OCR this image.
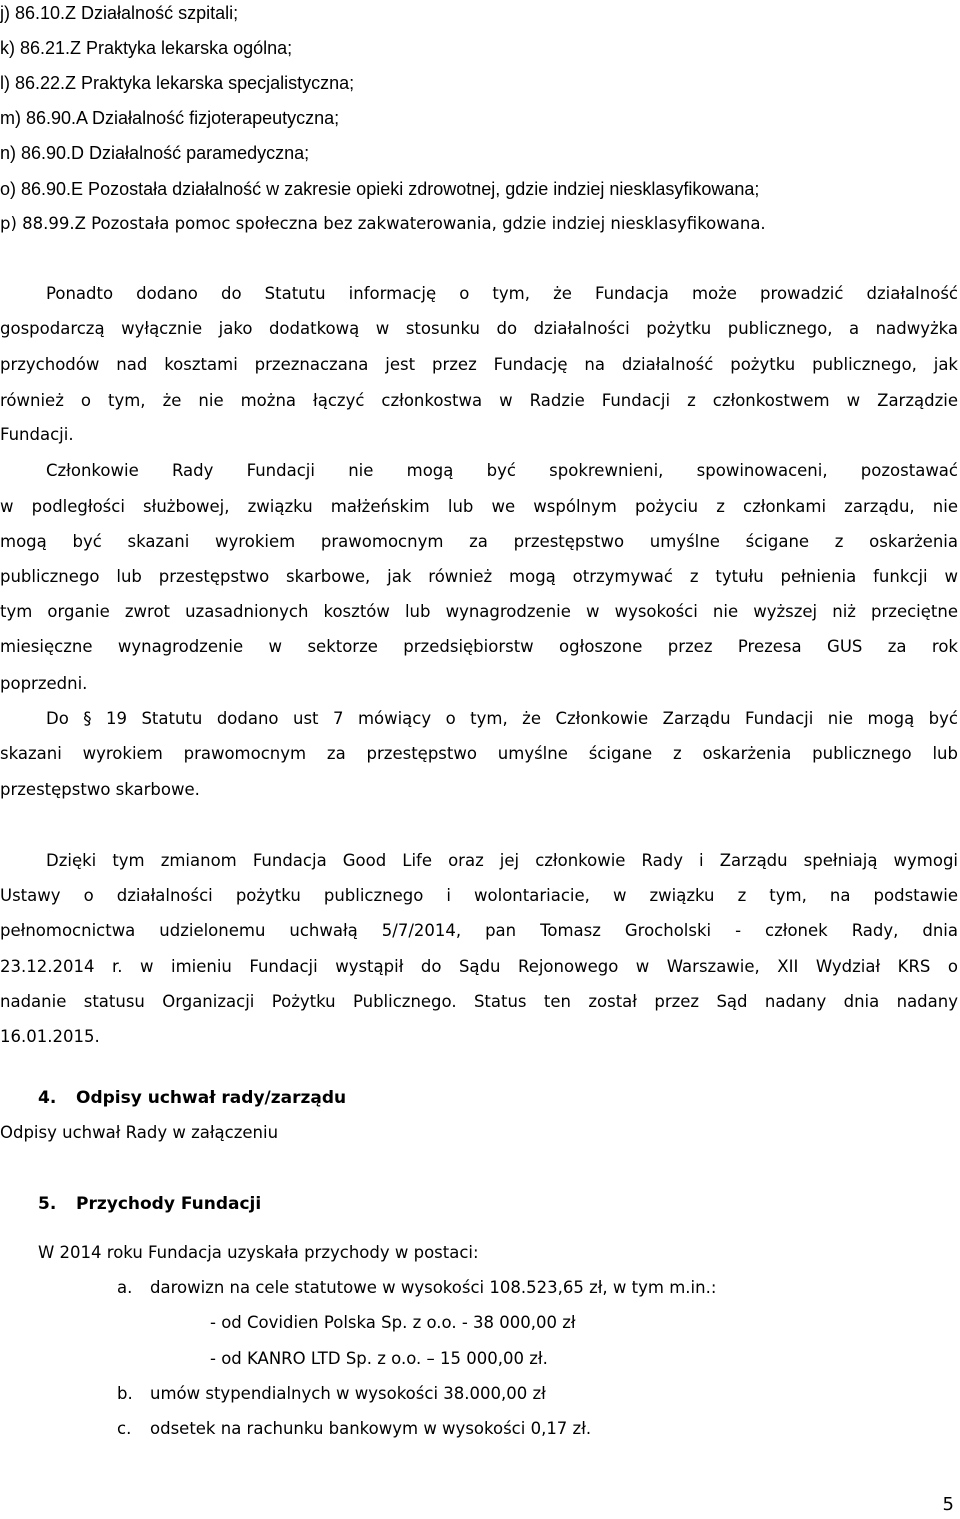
j) 86.10.Z Działalność szpitali;
k) 86.21.Z Praktyka lekarska ogólna;
l) 86.22.Z Praktyka lekarska specjalistyczna;
m) 86.90.A Działalność fizjoterapeutyczna;
n) 86.90.D Działalność paramedyczna;
o) 86.90.E Pozostała działalność w zakresie opieki zdrowotnej, gdzie indziej niesklasyfikowana;
p) 88.99.Z Pozostała pomoc społeczna bez zakwaterowania, gdzie indziej niesklasyfikowana.
Ponadto dodano do Statutu informację o tym, że Fundacja może prowadzić działalność
gospodarczą wyłącznie jako dodatkową w stosunku do działalności pożytku publicznego, a nadwyżka
przychodów nad kosztami przeznaczana jest przez Fundację na działalność pożytku publicznego, jak
również o tym, że nie można łączyć członkostwa w Radzie Fundacji z członkostwem w Zarządzie
Fundacji.
Członkowie Rady Fundacji nie mogą być spokrewnieni, spowinowaceni, pozostawać
w podległości służbowej, związku małżeńskim lub we wspólnym pożyciu z członkami zarządu, nie
mogą być skazani wyrokiem prawomocnym za przestępstwo umyślne ścigane z oskarżenia
publicznego lub przestępstwo skarbowe, jak również mogą otrzymywać z tytułu pełnienia funkcji w
tym organie zwrot uzasadnionych kosztów lub wynagrodzenie w wysokości nie wyższej niż przeciętne
miesięczne wynagrodzenie w sektorze przedsiębiorstw ogłoszone przez Prezesa GUS za rok
poprzedni.
Do § 19 Statutu dodano ust 7 mówiący o tym, że Członkowie Zarządu Fundacji nie mogą być
skazani wyrokiem prawomocnym za przestępstwo umyślne ścigane z oskarżenia publicznego lub
przestępstwo skarbowe.
Dzięki tym zmianom Fundacja Good Life oraz jej członkowie Rady i Zarządu spełniają wymogi
Ustawy o działalności pożytku publicznego i wolontariacie, w związku z tym, na podstawie
pełnomocnictwa udzielonemu uchwałą 5/7/2014, pan Tomasz Grocholski - członek Rady, dnia
23.12.2014 r. w imieniu Fundacji wystąpił do Sądu Rejonowego w Warszawie, XII Wydział KRS o
nadanie statusu Organizacji Pożytku Publicznego. Status ten został przez Sąd nadany dnia nadany
16.01.2015.
4. Odpisy uchwał rady/zarządu
Odpisy uchwał Rady w załączeniu
5. Przychody Fundacji
W 2014 roku Fundacja uzyskała przychody w postaci:
a. darowizn na cele statutowe w wysokości 108.523,65 zł, w tym m.in.:
- od Covidien Polska Sp. z o.o. - 38 000,00 zł
- od KANRO LTD Sp. z o.o. – 15 000,00 zł.
b. umów stypendialnych w wysokości 38.000,00 zł
c. odsetek na rachunku bankowym w wysokości 0,17 zł.
5
